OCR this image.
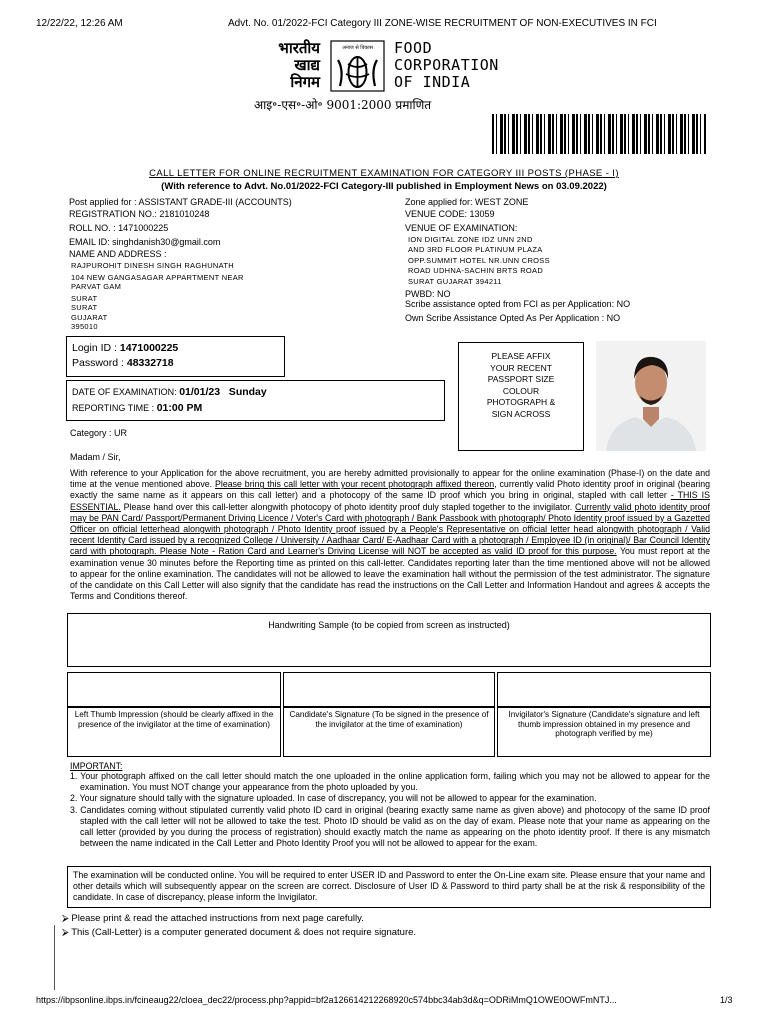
12/22/22, 12:26 AM	Advt. No. 01/2022-FCI Category III ZONE-WISE RECRUITMENT OF NON-EXECUTIVES IN FCI
भारतीय
खाद्य
निगम
अनाज से विकास FOOD
CORPORATION
OF INDIA
आइ॰-एस॰-ओ॰ 9001:2000 प्रमाणित
CALL LETTER FOR ONLINE RECRUITMENT EXAMINATION FOR CATEGORY III POSTS (PHASE - I)
(With reference to Advt. No.01/2022-FCI Category-III published in Employment News on 03.09.2022)
Post applied for : ASSISTANT GRADE-III (ACCOUNTS)
REGISTRATION NO.: 2181010248
ROLL NO. : 1471000225
EMAIL ID: singhdanish30@gmail.com
NAME AND ADDRESS :
RAJPUROHIT DINESH SINGH RAGHUNATH
104 NEW GANGASAGAR APPARTMENT NEAR
PARVAT GAM
SURAT
SURAT
GUJARAT
395010
Zone applied for: WEST ZONE
VENUE CODE: 13059
VENUE OF EXAMINATION:
ION DIGITAL ZONE IDZ UNN 2ND
AND 3RD FLOOR PLATINUM PLAZA
OPP.SUMMIT HOTEL NR.UNN CROSS
ROAD UDHNA-SACHIN BRTS ROAD
SURAT GUJARAT 394211
PWBD: NO
Scribe assistance opted from FCI as per Application: NO
Own Scribe Assistance Opted As Per Application : NO
Login ID : 1471000225
Password : 48332718
DATE OF EXAMINATION: 01/01/23   Sunday
REPORTING TIME : 01:00 PM
PLEASE AFFIX
YOUR RECENT
PASSPORT SIZE
COLOUR
PHOTOGRAPH &
SIGN ACROSS
Category : UR
Madam / Sir,
With reference to your Application for the above recruitment, you are hereby admitted provisionally to appear for the online examination (Phase-I) on the date and time at the venue mentioned above. Please bring this call letter with your recent photograph affixed thereon, currently valid Photo identity proof in original (bearing exactly the same name as it appears on this call letter) and a photocopy of the same ID proof which you bring in original, stapled with call letter - THIS IS ESSENTIAL. Please hand over this call-letter alongwith photocopy of photo identity proof duly stapled together to the invigilator. Currently valid photo identity proof may be PAN Card/ Passport/Permanent Driving Licence / Voter's Card with photograph / Bank Passbook with photograph/ Photo Identity proof issued by a Gazetted Officer on official letterhead alongwith photograph / Photo Identity proof issued by a People's Representative on official letter head alongwith photograph / Valid recent Identity Card issued by a recognized College / University / Aadhaar Card/ E-Aadhaar Card with a photograph / Employee ID (in original)/ Bar Council Identity card with photograph. Please Note - Ration Card and Learner's Driving License will NOT be accepted as valid ID proof for this purpose. You must report at the examination venue 30 minutes before the Reporting time as printed on this call-letter. Candidates reporting later than the time mentioned above will not be allowed to appear for the online examination. The candidates will not be allowed to leave the examination hall without the permission of the test administrator. The signature of the candidate on this Call Letter will also signify that the candidate has read the instructions on the Call Letter and Information Handout and agrees & accepts the Terms and Conditions thereof.
Handwriting Sample (to be copied from screen as instructed)
Left Thumb Impression (should be clearly affixed in the presence of the invigilator at the time of examination)
Candidate's Signature (To be signed in the presence of the invigilator at the time of examination)
Invigilator's Signature (Candidate's signature and left thumb impression obtained in my presence and photograph verified by me)
IMPORTANT:
1. Your photograph affixed on the call letter should match the one uploaded in the online application form, failing which you may not be allowed to appear for the examination. You must NOT change your appearance from the photo uploaded by you.
2. Your signature should tally with the signature uploaded. In case of discrepancy, you will not be allowed to appear for the examination.
3. Candidates coming without stipulated currently valid photo ID card in original (bearing exactly same name as given above) and photocopy of the same ID proof stapled with the call letter will not be allowed to take the test. Photo ID should be valid as on the day of exam. Please note that your name as appearing on the call letter (provided by you during the process of registration) should exactly match the name as appearing on the photo identity proof. If there is any mismatch between the name indicated in the Call Letter and Photo Identity Proof you will not be allowed to appear for the exam.
The examination will be conducted online. You will be required to enter USER ID and Password to enter the On-Line exam site. Please ensure that your name and other details which will subsequently appear on the screen are correct. Disclosure of User ID & Password to third party shall be at the risk & responsibility of the candidate. In case of discrepancy, please inform the Invigilator.
⮚ Please print & read the attached instructions from next page carefully.
⮚ This (Call-Letter) is a computer generated document & does not require signature.
https://ibpsonline.ibps.in/fcineaug22/cloea_dec22/process.php?appid=bf2a126614212268920c574bbc34ab3d&q=ODRiMmQ1OWE0OWFmNTJ...	1/3
